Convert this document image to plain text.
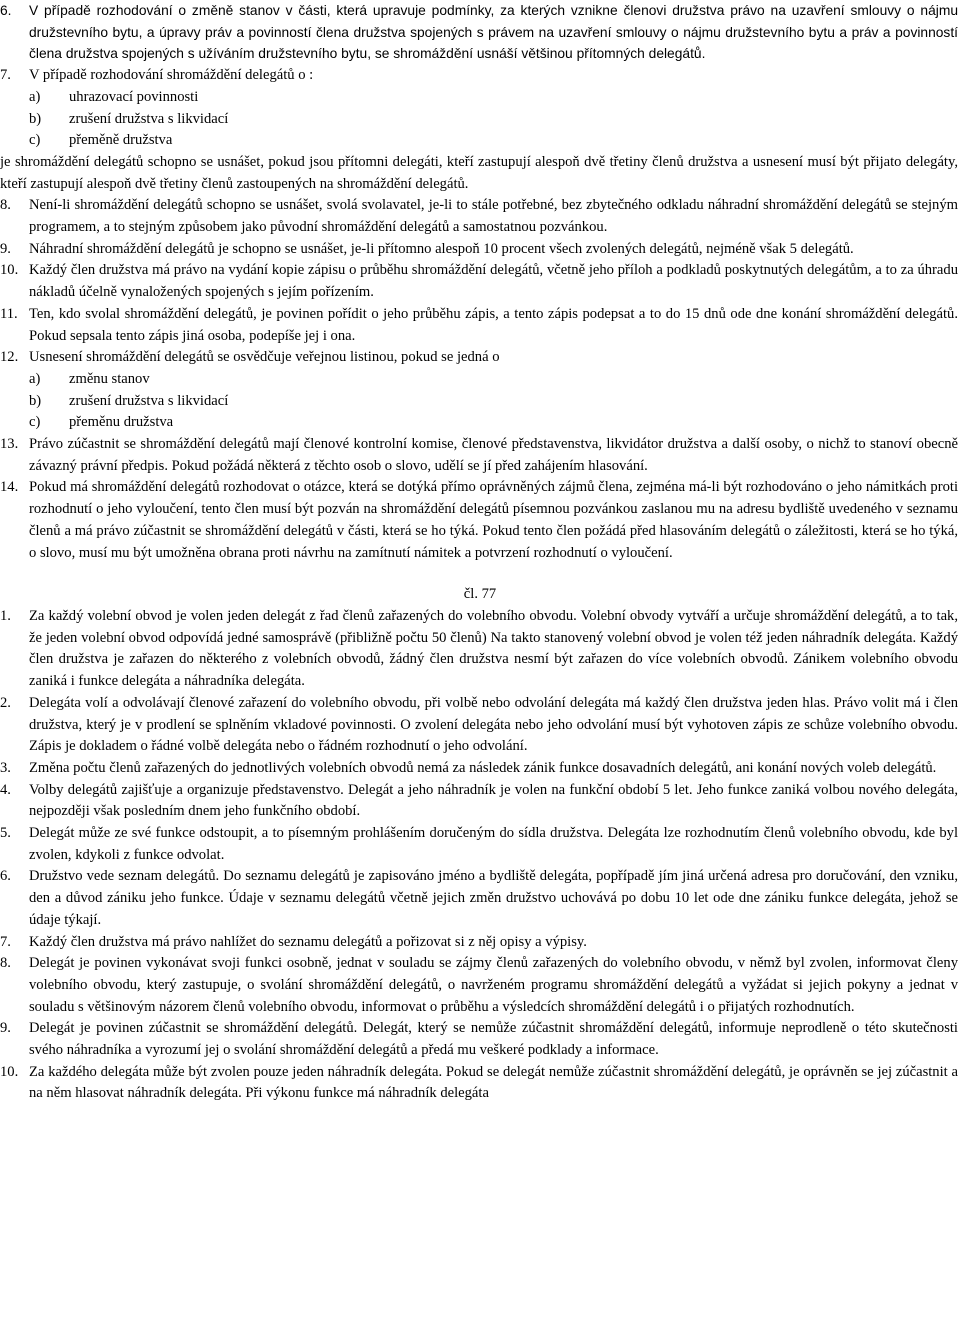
6.	V případě rozhodování o změně stanov v části, která upravuje podmínky, za kterých vznikne členovi družstva právo na uzavření smlouvy o nájmu družstevního bytu, a úpravy práv a povinností člena družstva spojených s právem na uzavření smlouvy o nájmu družstevního bytu a práv a povinností člena družstva spojených s užíváním družstevního bytu, se shromáždění usnáší většinou přítomných delegátů.
7.	V případě rozhodování shromáždění delegátů o :
a)	uhrazovací povinnosti
b)	zrušení družstva s likvidací
c)	přeměně družstva
je shromáždění delegátů schopno se usnášet, pokud jsou přítomni delegáti, kteří zastupují alespoň dvě třetiny členů družstva a usnesení musí být přijato delegáty, kteří zastupují alespoň dvě třetiny členů zastoupených na shromáždění delegátů.
8.	Není-li shromáždění delegátů schopno se usnášet, svolá svolavatel, je-li to stále potřebné, bez zbytečného odkladu náhradní shromáždění delegátů se stejným programem, a to stejným způsobem jako původní shromáždění delegátů a samostatnou pozvánkou.
9.	Náhradní shromáždění delegátů je schopno se usnášet, je-li přítomno alespoň 10 procent všech zvolených delegátů, nejméně však 5 delegátů.
10. Každý člen družstva má právo na vydání kopie zápisu o průběhu shromáždění delegátů, včetně jeho příloh a podkladů poskytnutých delegátům, a to za úhradu nákladů účelně vynaložených spojených s jejím pořízením.
11. Ten, kdo svolal shromáždění delegátů, je povinen pořídit o jeho průběhu zápis, a tento zápis podepsat a to do 15 dnů ode dne konání shromáždění delegátů. Pokud sepsala tento zápis jiná osoba, podepíše jej i ona.
12. Usnesení shromáždění delegátů se osvědčuje veřejnou listinou, pokud se jedná o
a)	změnu stanov
b)	zrušení družstva s likvidací
c)	přeměnu družstva
13. Právo zúčastnit se shromáždění delegátů mají členové kontrolní komise, členové představenstva, likvidátor družstva a další osoby, o nichž to stanoví obecně závazný právní předpis. Pokud požádá některá z těchto osob o slovo, udělí se jí před zahájením hlasování.
14. Pokud má shromáždění delegátů rozhodovat o otázce, která se dotýká přímo oprávněných zájmů člena, zejména má-li být rozhodováno o jeho námitkách proti rozhodnutí o jeho vyloučení, tento člen musí být pozván na shromáždění delegátů písemnou pozvánkou zaslanou mu na adresu bydliště uvedeného v seznamu členů a má právo zúčastnit se shromáždění delegátů v části, která se ho týká. Pokud tento člen požádá před hlasováním delegátů o záležitosti, která se ho týká, o slovo, musí mu být umožněna obrana proti návrhu na zamítnutí námitek a potvrzení rozhodnutí o vyloučení.
čl. 77
1.	Za každý volební obvod je volen jeden delegát z řad členů zařazených do volebního obvodu. Volební obvody vytváří a určuje shromáždění delegátů, a to tak, že jeden volební obvod odpovídá jedné samosprávě (přibližně počtu 50 členů) Na takto stanovený volební obvod je volen též jeden náhradník delegáta. Každý člen družstva je zařazen do některého z volebních obvodů, žádný člen družstva nesmí být zařazen do více volebních obvodů. Zánikem volebního obvodu zaniká i funkce delegáta a náhradníka delegáta.
2.	Delegáta volí a odvolávají členové zařazení do volebního obvodu, při volbě nebo odvolání delegáta má každý člen družstva jeden hlas. Právo volit má i člen družstva, který je v prodlení se splněním vkladové povinnosti. O zvolení delegáta nebo jeho odvolání musí být vyhotoven zápis ze schůze volebního obvodu. Zápis je dokladem o řádné volbě delegáta nebo o řádném rozhodnutí o jeho odvolání.
3.	Změna počtu členů zařazených do jednotlivých volebních obvodů nemá za následek zánik funkce dosavadních delegátů, ani konání nových voleb delegátů.
4.	Volby delegátů zajišťuje a organizuje představenstvo. Delegát a jeho náhradník je volen na funkční období 5 let. Jeho funkce zaniká volbou nového delegáta, nejpozději však posledním dnem jeho funkčního období.
5.	Delegát může ze své funkce odstoupit, a to písemným prohlášením doručeným do sídla družstva. Delegáta lze rozhodnutím členů volebního obvodu, kde byl zvolen, kdykoli z funkce odvolat.
6.	Družstvo vede seznam delegátů. Do seznamu delegátů je zapisováno jméno a bydliště delegáta, popřípadě jím jiná určená adresa pro doručování, den vzniku, den a důvod zániku jeho funkce. Údaje v seznamu delegátů včetně jejich změn družstvo uchovává po dobu 10 let ode dne zániku funkce delegáta, jehož se údaje týkají.
7.	Každý člen družstva má právo nahlížet do seznamu delegátů a pořizovat si z něj opisy a výpisy.
8.	Delegát je povinen vykonávat svoji funkci osobně, jednat v souladu se zájmy členů zařazených do volebního obvodu, v němž byl zvolen, informovat členy volebního obvodu, který zastupuje, o svolání shromáždění delegátů, o navrženém programu shromáždění delegátů a vyžádat si jejich pokyny a jednat v souladu s většinovým názorem členů volebního obvodu, informovat o průběhu a výsledcích shromáždění delegátů i o přijatých rozhodnutích.
9.	Delegát je povinen zúčastnit se shromáždění delegátů. Delegát, který se nemůže zúčastnit shromáždění delegátů, informuje neprodleně o této skutečnosti svého náhradníka a vyrozumí jej o svolání shromáždění delegátů a předá mu veškeré podklady a informace.
10. Za každého delegáta může být zvolen pouze jeden náhradník delegáta. Pokud se delegát nemůže zúčastnit shromáždění delegátů, je oprávněn se jej zúčastnit a na něm hlasovat náhradník delegáta. Při výkonu funkce má náhradník delegáta
